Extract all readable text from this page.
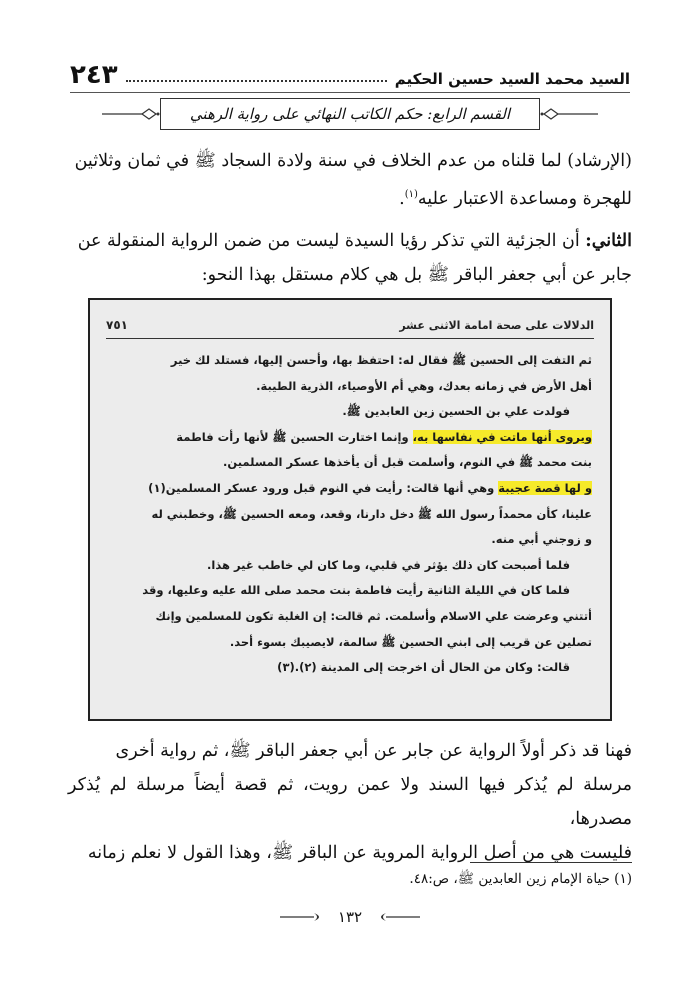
السيد محمد السيد حسين الحكيم
٢٤٣
القسم الرابع: حكم الكاتب النهائي على رواية الرهني
(الإرشاد) لما قلناه من عدم الخلاف في سنة ولادة السجاد ﷺ في ثمان وثلاثين
للهجرة ومساعدة الاعتبار عليه$^{(١)}$.
الثاني: أن الجزئية التي تذكر رؤيا السيدة ليست من ضمن الرواية المنقولة عن
جابر عن أبي جعفر الباقر ﷺ بل هي كلام مستقل بهذا النحو:
الدلالات على صحة امامة الاثنى عشر
٧٥١
ثم التفت إلى الحسين ﷺ فقال له: احتفظ بها، وأحسن إليها، فستلد لك خير
أهل الأرض في زمانه بعدك، وهي أم الأوصياء، الذرية الطيبة.
فولدت علي بن الحسين زين العابدين ﷺ.
ويروى أنها ماتت في نفاسها به، وإنما اختارت الحسين ﷺ لأنها رأت فاطمة
بنت محمد ﷺ في النوم، وأسلمت قبل أن يأخذها عسكر المسلمين.
و لها قصة عجيبة وهي أنها قالت: رأيت في النوم قبل ورود عسكر المسلمين(١)
علينا، كأن محمداً رسول الله ﷺ دخل دارنا، وقعد، ومعه الحسين ﷺ، وخطبني له
و زوجني أبي منه.
فلما أصبحت كان ذلك يؤثر في قلبي، وما كان لي خاطب غير هذا.
فلما كان في الليلة الثانية رأيت فاطمة بنت محمد صلى الله عليه وعليها، وقد
أتتني وعرضت علي الاسلام وأسلمت. ثم قالت: إن الغلبة تكون للمسلمين وإنك
تصلين عن قريب إلى ابني الحسين ﷺ سالمة، لايصيبك بسوء أحد.
قالت: وكان من الحال أن اخرجت إلى المدينة (٢).(٣)
فهنا قد ذكر أولاً الرواية عن جابر عن أبي جعفر الباقر ﷺ، ثم رواية أخرى
مرسلة لم يُذكر فيها السند ولا عمن رويت، ثم قصة أيضاً مرسلة لم يُذكر مصدرها،
فليست هي من أصل الرواية المروية عن الباقر ﷺ، وهذا القول لا نعلم زمانه
(١) حياة الإمام زين العابدين ﷺ، ص:٤٨.
١٣٢
